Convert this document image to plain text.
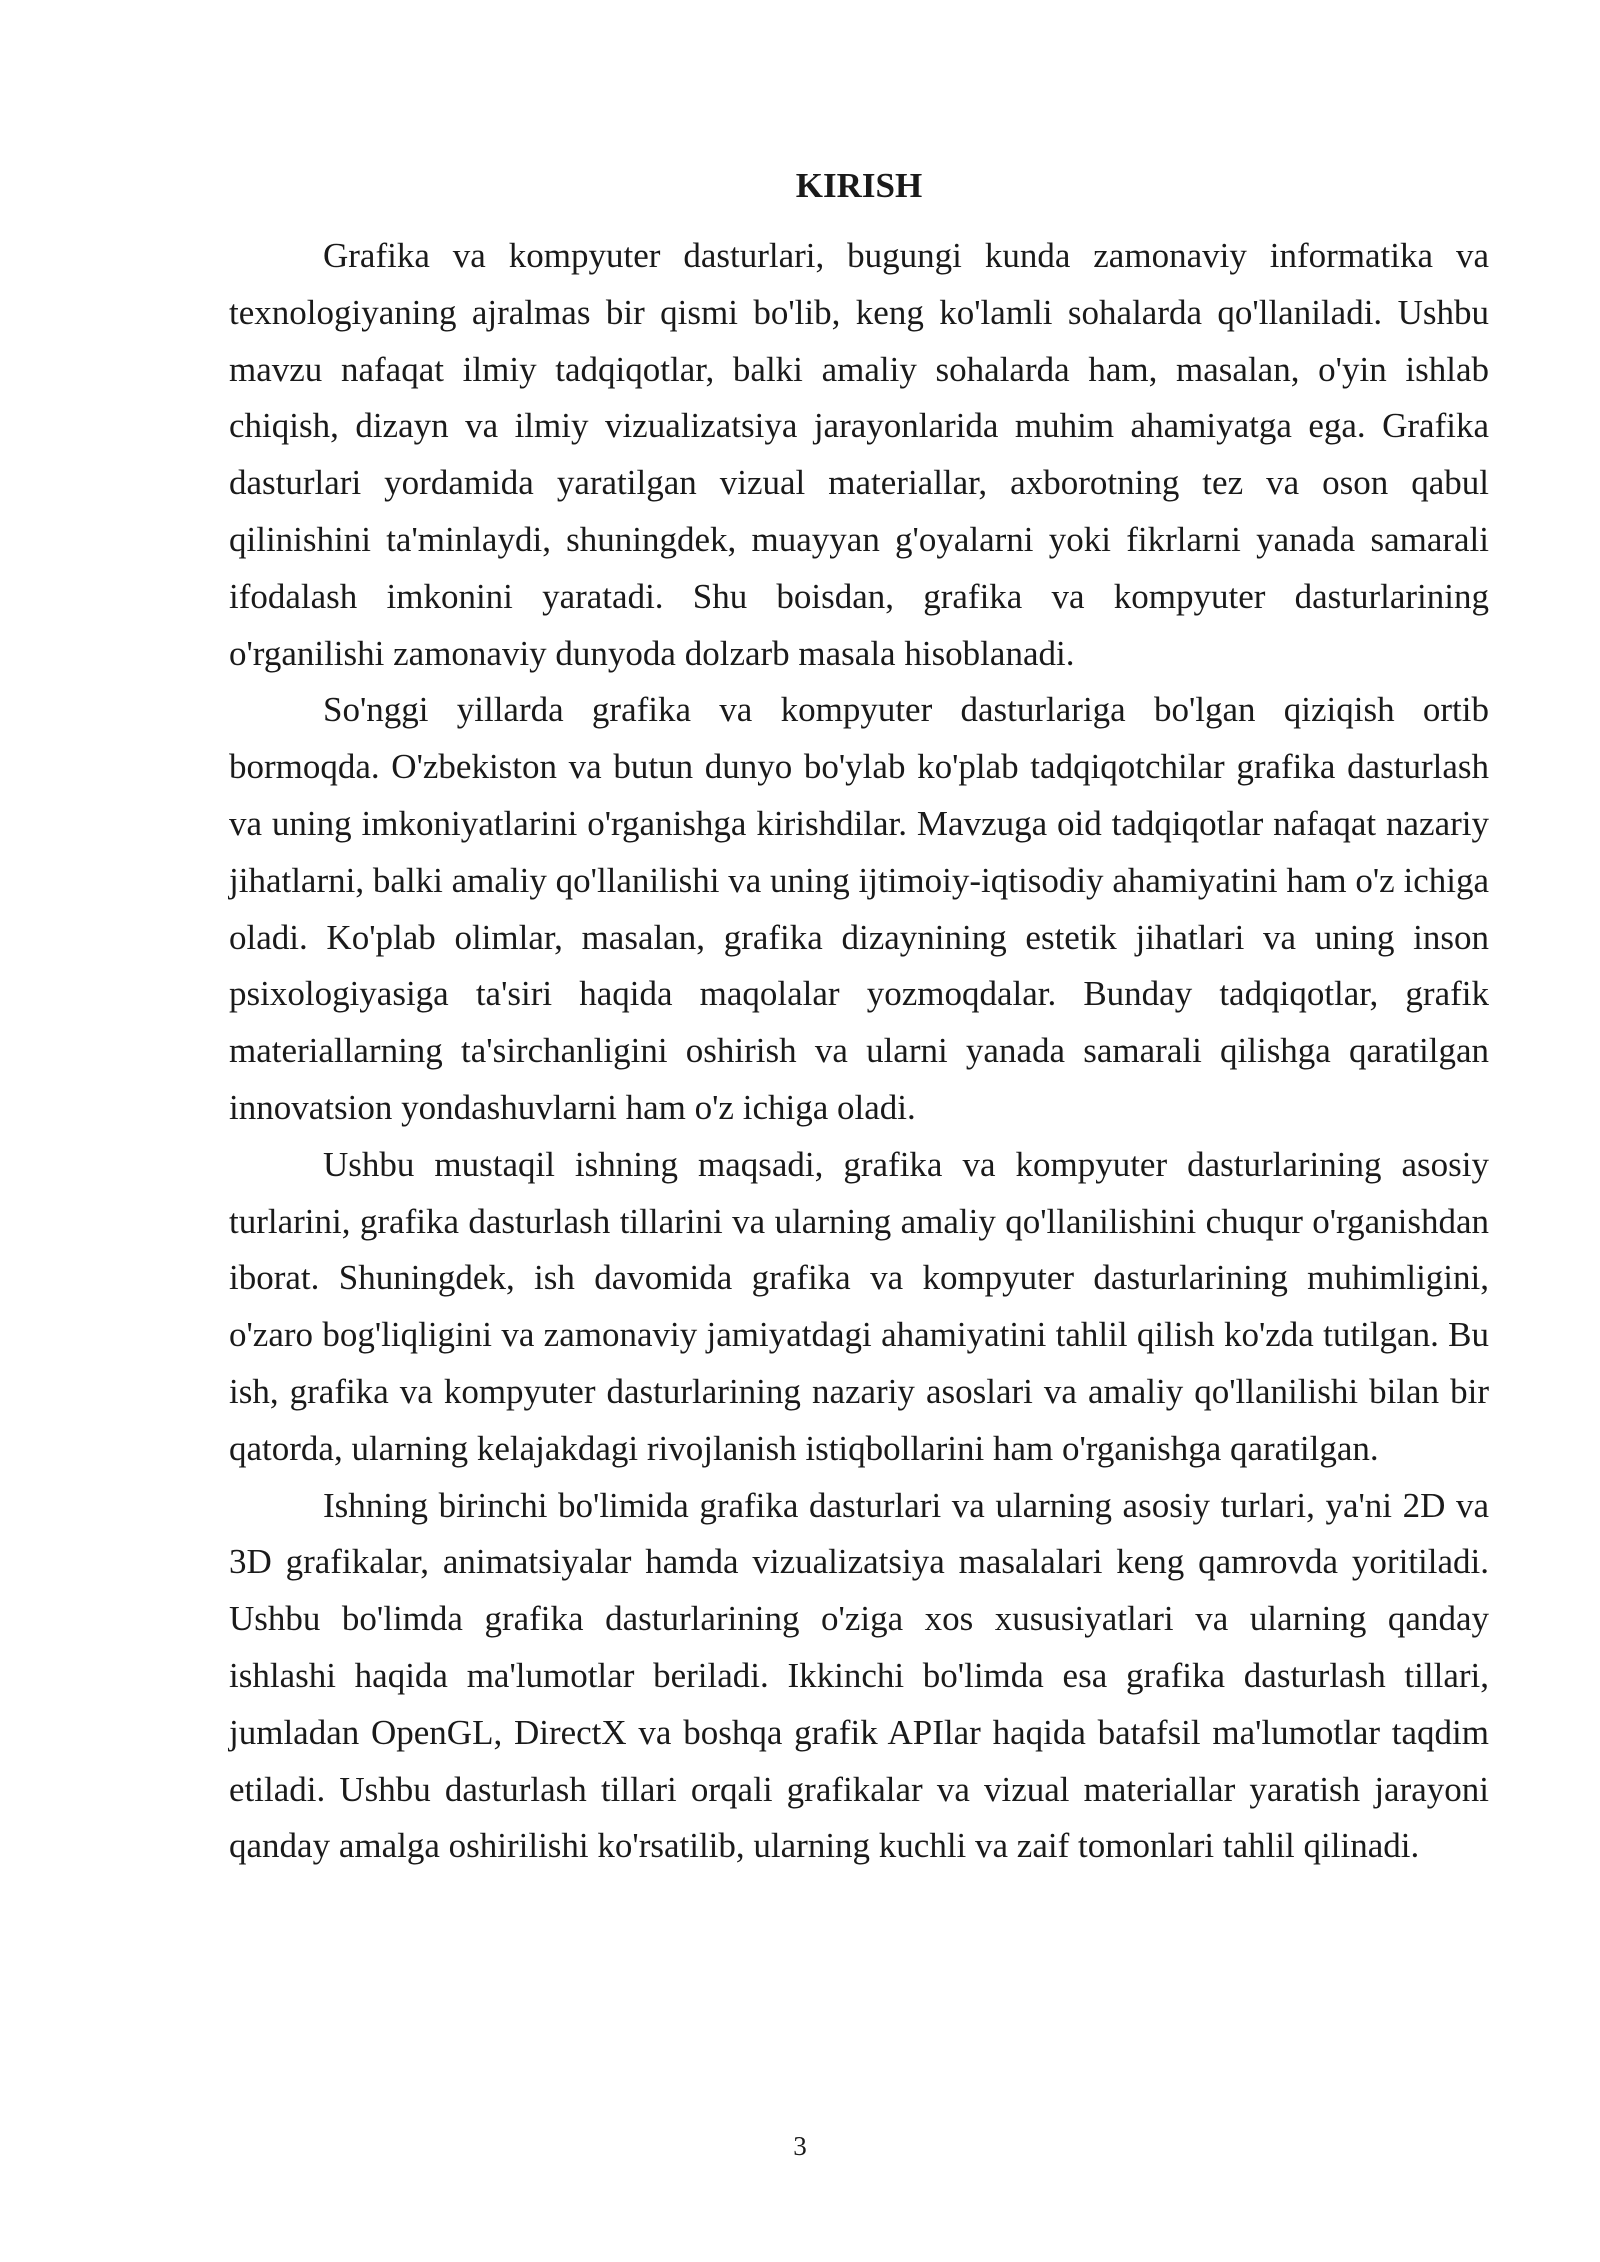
KIRISH

Grafika va kompyuter dasturlari, bugungi kunda zamonaviy informatika va texnologiyaning ajralmas bir qismi bo'lib, keng ko'lamli sohalarda qo'llaniladi. Ushbu mavzu nafaqat ilmiy tadqiqotlar, balki amaliy sohalarda ham, masalan, o'yin ishlab chiqish, dizayn va ilmiy vizualizatsiya jarayonlarida muhim ahamiyatga ega. Grafika dasturlari yordamida yaratilgan vizual materiallar, axborotning tez va oson qabul qilinishini ta'minlaydi, shuningdek, muayyan g'oyalarni yoki fikrlarni yanada samarali ifodalash imkonini yaratadi. Shu boisdan, grafika va kompyuter dasturlarining o'rganilishi zamonaviy dunyoda dolzarb masala hisoblanadi.

So'nggi yillarda grafika va kompyuter dasturlariga bo'lgan qiziqish ortib bormoqda. O'zbekiston va butun dunyo bo'ylab ko'plab tadqiqotchilar grafika dasturlash va uning imkoniyatlarini o'rganishga kirishdilar. Mavzuga oid tadqiqotlar nafaqat nazariy jihatlarni, balki amaliy qo'llanilishi va uning ijtimoiy-iqtisodiy ahamiyatini ham o'z ichiga oladi. Ko'plab olimlar, masalan, grafika dizaynining estetik jihatlari va uning inson psixologiyasiga ta'siri haqida maqolalar yozmoqdalar. Bunday tadqiqotlar, grafik materiallarning ta'sirchanligini oshirish va ularni yanada samarali qilishga qaratilgan innovatsion yondashuvlarni ham o'z ichiga oladi.

Ushbu mustaqil ishning maqsadi, grafika va kompyuter dasturlarining asosiy turlarini, grafika dasturlash tillarini va ularning amaliy qo'llanilishini chuqur o'rganishdan iborat. Shuningdek, ish davomida grafika va kompyuter dasturlarining muhimligini, o'zaro bog'liqligini va zamonaviy jamiyatdagi ahamiyatini tahlil qilish ko'zda tutilgan. Bu ish, grafika va kompyuter dasturlarining nazariy asoslari va amaliy qo'llanilishi bilan bir qatorda, ularning kelajakdagi rivojlanish istiqbollarini ham o'rganishga qaratilgan.

Ishning birinchi bo'limida grafika dasturlari va ularning asosiy turlari, ya'ni 2D va 3D grafikalar, animatsiyalar hamda vizualizatsiya masalalari keng qamrovda yoritiladi. Ushbu bo'limda grafika dasturlarining o'ziga xos xususiyatlari va ularning qanday ishlashi haqida ma'lumotlar beriladi. Ikkinchi bo'limda esa grafika dasturlash tillari, jumladan OpenGL, DirectX va boshqa grafik APIlar haqida batafsil ma'lumotlar taqdim etiladi. Ushbu dasturlash tillari orqali grafikalar va vizual materiallar yaratish jarayoni qanday amalga oshirilishi ko'rsatilib, ularning kuchli va zaif tomonlari tahlil qilinadi.

3
